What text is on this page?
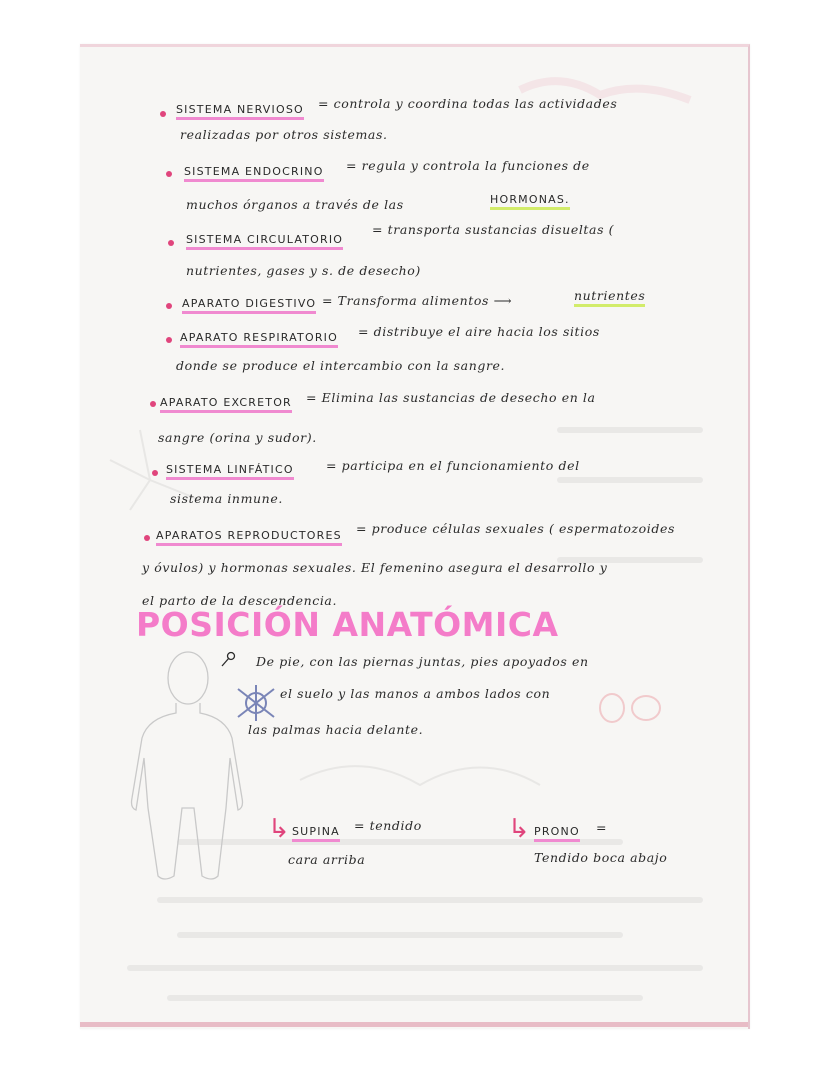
SISTEMA NERVIOSO = controla y coordina todas las actividades
realizadas por otros sistemas.
SISTEMA ENDOCRINO = regula y controla la funciones de
muchos órganos a través de las	HORMONAS.
SISTEMA CIRCULATORIO
= transporta sustancias disueltas (
nutrientes, gases y s. de desecho)
APARATO DIGESTIVO = Transforma alimentos ⟶	nutrientes
APARATO RESPIRATORIO = distribuye el aire hacia los sitios
donde se produce el intercambio con la sangre.
APARATO EXCRETOR = Elimina las sustancias de desecho en la
sangre (orina y sudor).
SISTEMA LINFÁTICO	= participa en el funcionamiento del
sistema inmune.
APARATOS REPRODUCTORES = produce células sexuales ( espermatozoides
y óvulos) y hormonas sexuales. El femenino asegura el desarrollo y
el parto de la descendencia.
POSICIÓN ANATÓMICA
De pie, con las piernas juntas, pies apoyados en
el suelo y las manos a ambos lados con
las palmas hacia delante.
↳ SUPINA = tendido
cara arriba
↳ PRONO =
Tendido boca abajo
